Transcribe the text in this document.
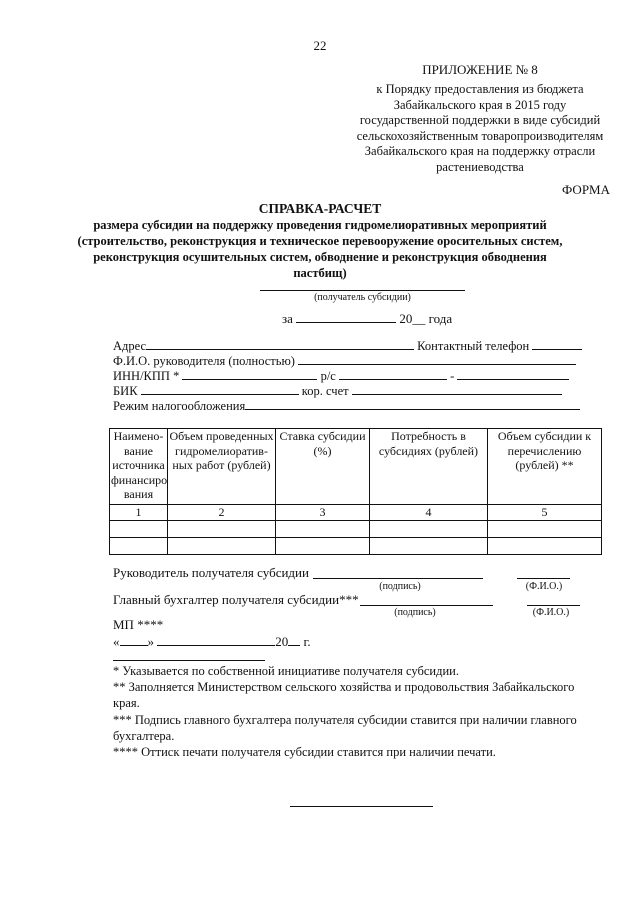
22
ПРИЛОЖЕНИЕ № 8
к Порядку предоставления из бюджета
Забайкальского края в 2015 году
государственной поддержки в виде субсидий
сельскохозяйственным товаропроизводителям
Забайкальского края на поддержку отрасли
растениеводства
ФОРМА
СПРАВКА-РАСЧЕТ
размера субсидии на поддержку проведения гидромелиоративных мероприятий
(строительство, реконструкция и техническое перевооружение оросительных систем,
реконструкция осушительных систем, обводнение и реконструкция обводнения
пастбищ)
(получатель субсидии)
за	20__ года
Адрес	Контактный телефон
Ф.И.О. руководителя (полностью)
ИНН/КПП *	р/с	-
БИК	кор. счет
Режим налогообложения
Наимено-вание источника финансиро вания	Объем проведенных гидромелиоратив-ных работ (рублей)	Ставка субсидии (%)	Потребность в субсидиях (рублей)	Объем субсидии к перечислению (рублей) **
1	2	3	4	5

Руководитель получателя субсидии
(подпись)	(Ф.И.О.)
Главный бухгалтер получателя субсидии***
(подпись)	(Ф.И.О.)
МП ****
« »	20 г.
* Указывается по собственной инициативе получателя субсидии.
** Заполняется Министерством сельского хозяйства и продовольствия Забайкальского
края.
*** Подпись главного бухгалтера получателя субсидии ставится при наличии главного
бухгалтера.
**** Оттиск печати получателя субсидии ставится при наличии печати.
